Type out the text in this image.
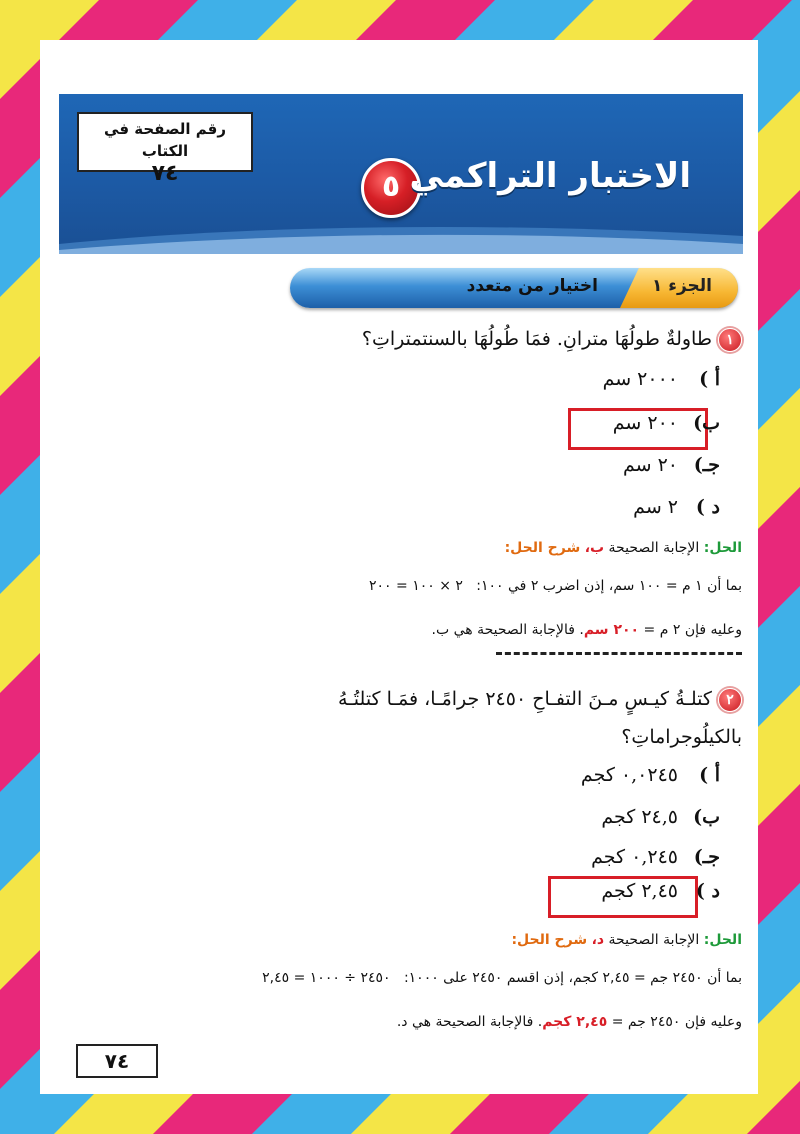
رقم الصفحة في الكتاب
٧٤	٥ الاختبار التراكمي
الجزء ١
اختيار من متعدد
١ طاولةٌ طولُهَا مترانِ. فمَا طُولُهَا بالسنتمتراتِ؟
أ )٢٠٠٠ سم
ب)٢٠٠ سم
جـ)٢٠ سم
د )٢ سم
الحل: الإجابة الصحيحة ب، شرح الحل:
بما أن ١ م = ١٠٠ سم، إذن اضرب ٢ في ١٠٠:   ٢ × ١٠٠ = ٢٠٠
وعليه فإن ٢ م = ٢٠٠ سم. فالإجابة الصحيحة هي ب.
٢ كتلـةُ كيـسٍ مـنَ التفـاحِ ٢٤٥٠ جرامًـا، فمَـا كتلتُـهُ
بالكيلُوجراماتِ؟
أ )٠,٠٢٤٥ كجم
ب)٢٤,٥ كجم
جـ)٠,٢٤٥ كجم
د )٢,٤٥ كجم
الحل: الإجابة الصحيحة د، شرح الحل:
بما أن ٢٤٥٠ جم = ٢,٤٥ كجم، إذن اقسم ٢٤٥٠ على ١٠٠٠:   ٢٤٥٠ ÷ ١٠٠٠ = ٢,٤٥
وعليه فإن ٢٤٥٠ جم = ٢,٤٥ كجم. فالإجابة الصحيحة هي د.
٧٤
